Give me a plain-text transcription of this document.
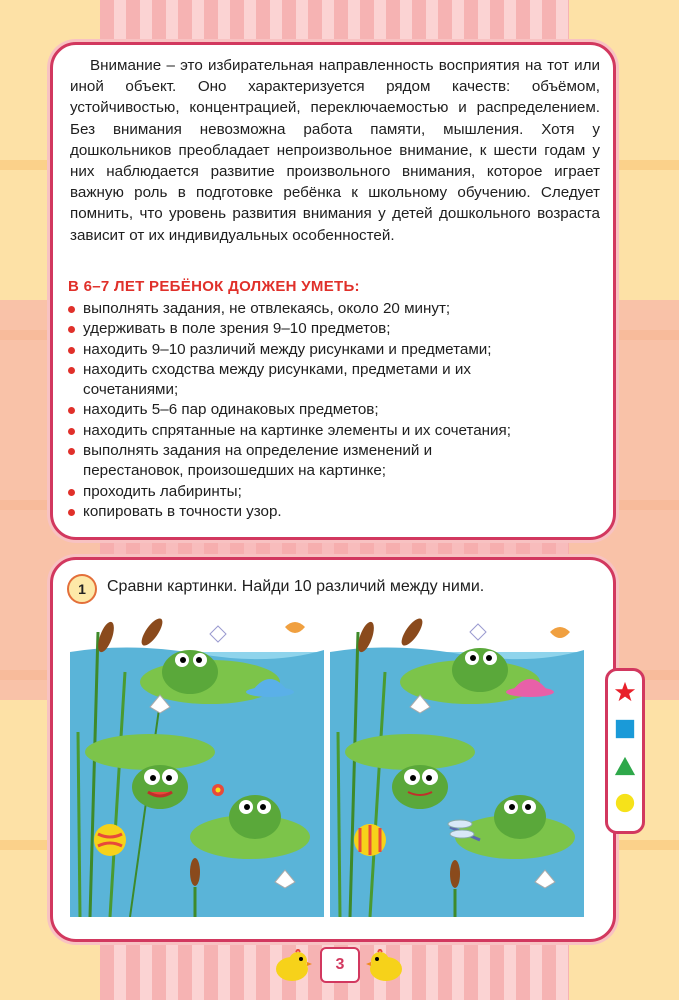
Внимание – это избирательная направленность восприятия на тот или иной объект. Оно характеризуется рядом качеств: объёмом, устойчивостью, концентрацией, переключаемостью и распределением. Без внимания невозможна работа памяти, мышления. Хотя у дошкольников преобладает непроизвольное внимание, к шести годам у них наблюдается развитие произвольного внимания, которое играет важную роль в подготовке ребёнка к школьному обучению. Следует помнить, что уровень развития внимания у детей дошкольного возраста зависит от их индивидуальных особенностей.

В 6–7 ЛЕТ РЕБЁНОК ДОЛЖЕН УМЕТЬ:

выполнять задания, не отвлекаясь, около 20 минут;
удерживать в поле зрения 9–10 предметов;
находить 9–10 различий между рисунками и предметами;
находить сходства между рисунками, предметами и их сочетаниями;
находить 5–6 пар одинаковых предметов;
находить спрятанные на картинке элементы и их сочетания;
выполнять задания на определение изменений и перестановок, произошедших на картинке;
проходить лабиринты;
копировать в точности узор.
1	Сравни картинки. Найди 10 различий между ними.

3
